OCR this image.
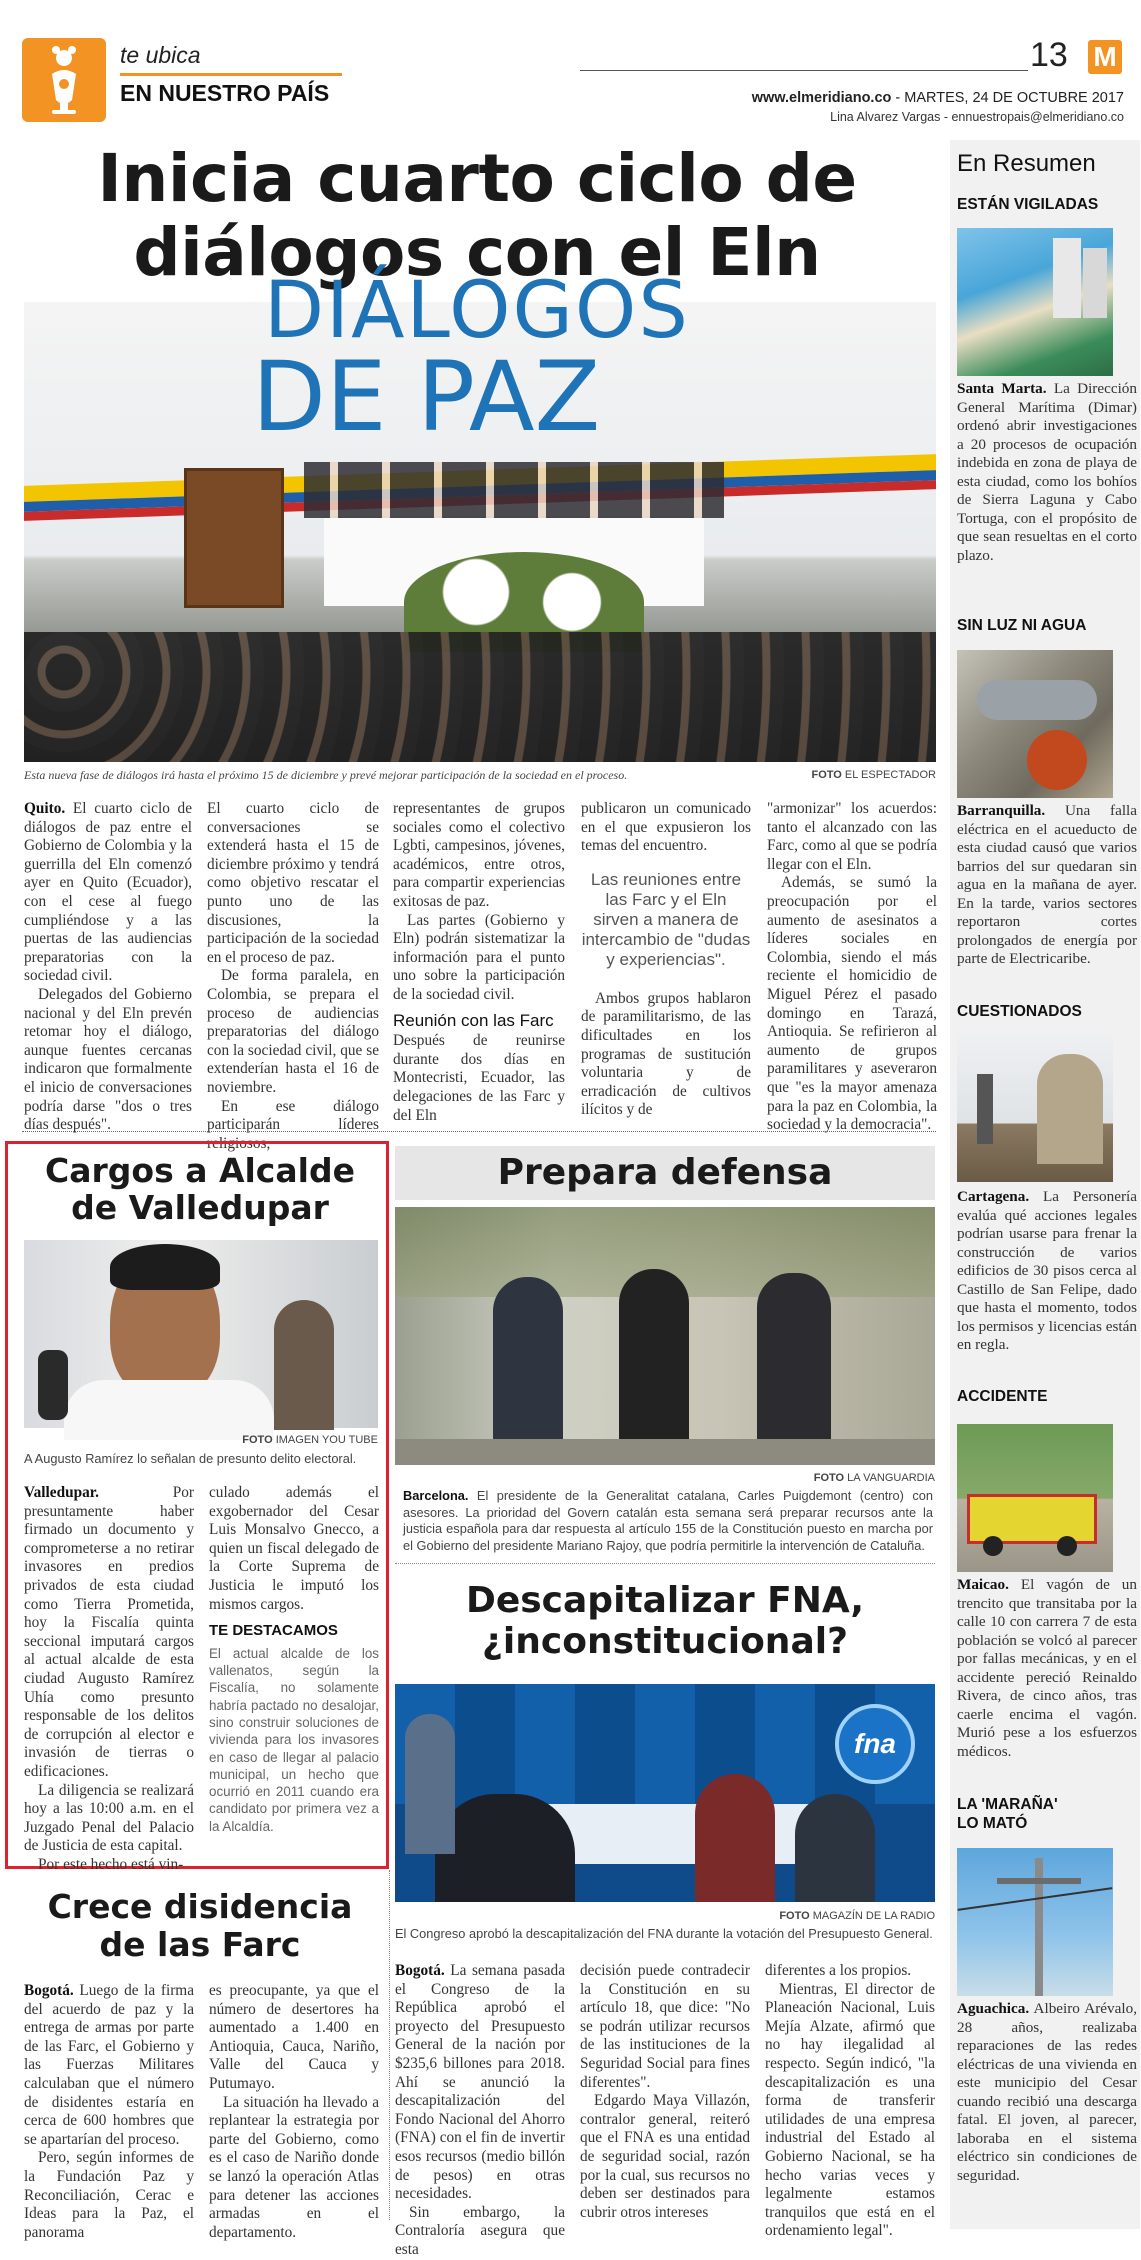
te ubica
EN NUESTRO PAÍS
13 M
www.elmeridiano.co - MARTES, 24 DE OCTUBRE 2017
Lina Alvarez Vargas - ennuestropais@elmeridiano.co
Inicia cuarto ciclo de
diálogos con el Eln
DIÁLOGOS
DE PAZ
Esta nueva fase de diálogos irá hasta el próximo 15 de diciembre y prevé mejorar participación de la sociedad en el proceso.	FOTO EL ESPECTADOR

Quito. El cuarto ciclo de diálogos de paz entre el Gobierno de Colombia y la guerrilla del Eln comenzó ayer en Quito (Ecuador), con el cese al fuego cumpliéndose y a las puertas de las audiencias preparatorias con la sociedad civil.

Delegados del Gobierno nacional y del Eln prevén retomar hoy el diálogo, aunque fuentes cercanas indicaron que formalmente el inicio de conversaciones podría darse "dos o tres días después".

El cuarto ciclo de conversaciones se extenderá hasta el 15 de diciembre próximo y tendrá como objetivo rescatar el punto uno de las discusiones, la participación de la sociedad en el proceso de paz.

De forma paralela, en Colombia, se prepara el proceso de audiencias preparatorias del diálogo con la sociedad civil, que se extenderían hasta el 16 de noviembre.

En ese diálogo participarán líderes religiosos,

representantes de grupos sociales como el colectivo Lgbti, campesinos, jóvenes, académicos, entre otros, para compartir experiencias exitosas de paz.

Las partes (Gobierno y Eln) podrán sistematizar la información para el punto uno sobre la participación de la sociedad civil.

Reunión con las Farc

Después de reunirse durante dos días en Montecristi, Ecuador, las delegaciones de las Farc y del Eln

publicaron un comunicado en el que expusieron los temas del encuentro.

Las reuniones entre las Farc y el Eln sirven a manera de intercambio de "dudas y experiencias".

Ambos grupos hablaron de paramilitarismo, de las dificultades en los programas de sustitución voluntaria y de erradicación de cultivos ilícitos y de

"armonizar" los acuerdos: tanto el alcanzado con las Farc, como al que se podría llegar con el Eln.

Además, se sumó la preocupación por el aumento de asesinatos a líderes sociales en Colombia, siendo el más reciente el homicidio de Miguel Pérez el pasado domingo en Tarazá, Antioquia. Se refirieron al aumento de grupos paramilitares y aseveraron que "es la mayor amenaza para la paz en Colombia, la sociedad y la democracia".

Cargos a Alcalde
de Valledupar
FOTO IMAGEN YOU TUBE
A Augusto Ramírez lo señalan de presunto delito electoral.

Valledupar. Por presuntamente haber firmado un documento y comprometerse a no retirar invasores en predios privados de esta ciudad como Tierra Prometida, hoy la Fiscalía quinta seccional imputará cargos al actual alcalde de esta ciudad Augusto Ramírez Uhía como presunto responsable de los delitos de corrupción al elector e invasión de tierras o edificaciones.

La diligencia se realizará hoy a las 10:00 a.m. en el Juzgado Penal del Palacio de Justicia de esta capital.

Por este hecho está vin-

culado además el exgobernador del Cesar Luis Monsalvo Gnecco, a quien un fiscal delegado de la Corte Suprema de Justicia le imputó los mismos cargos.

TE DESTACAMOS
El actual alcalde de los vallenatos, según la Fiscalía, no solamente habría pactado no desalojar, sino construir soluciones de vivienda para los invasores en caso de llegar al palacio municipal, un hecho que ocurrió en 2011 cuando era candidato por primera vez a la Alcaldía.
Prepara defensa
FOTO LA VANGUARDIA
Barcelona. El presidente de la Generalitat catalana, Carles Puigdemont (centro) con asesores. La prioridad del Govern catalán esta semana será preparar recursos ante la justicia española para dar respuesta al artículo 155 de la Constitución puesto en marcha por el Gobierno del presidente Mariano Rajoy, que podría permitirle la intervención de Cataluña.
Descapitalizar FNA,
¿inconstitucional?
fna
FOTO MAGAZÍN DE LA RADIO
El Congreso aprobó la descapitalización del FNA durante la votación del Presupuesto General.

Bogotá. La semana pasada el Congreso de la República aprobó el proyecto del Presupuesto General de la nación por $235,6 billones para 2018. Ahí se anunció la descapitalización del Fondo Nacional del Ahorro (FNA) con el fin de invertir esos recursos (medio billón de pesos) en otras necesidades.

Sin embargo, la Contraloría asegura que esta

decisión puede contradecir la Constitución en su artículo 18, que dice: "No se podrán utilizar recursos de las instituciones de la Seguridad Social para fines diferentes".

Edgardo Maya Villazón, contralor general, reiteró que el FNA es una entidad de seguridad social, razón por la cual, sus recursos no deben ser destinados para cubrir otros intereses

diferentes a los propios.

Mientras, El director de Planeación Nacional, Luis Mejía Alzate, afirmó que no hay ilegalidad al respecto. Según indicó, "la descapitalización es una forma de transferir utilidades de una empresa industrial del Estado al Gobierno Nacional, se ha hecho varias veces y legalmente estamos tranquilos que está en el ordenamiento legal".

Crece disidencia
de las Farc

Bogotá. Luego de la firma del acuerdo de paz y la entrega de armas por parte de las Farc, el Gobierno y las Fuerzas Militares calculaban que el número de disidentes estaría en cerca de 600 hombres que se apartarían del proceso.

Pero, según informes de la Fundación Paz y Reconciliación, Cerac e Ideas para la Paz, el panorama

es preocupante, ya que el número de desertores ha aumentado a 1.400 en Antioquia, Cauca, Nariño, Valle del Cauca y Putumayo.

La situación ha llevado a replantear la estrategia por parte del Gobierno, como es el caso de Nariño donde se lanzó la operación Atlas para detener las acciones armadas en el departamento.

En Resumen
ESTÁN VIGILADAS
Santa Marta. La Dirección General Marítima (Dimar) ordenó abrir investigaciones a 20 procesos de ocupación indebida en zona de playa de esta ciudad, como los bohíos de Sierra Laguna y Cabo Tortuga, con el propósito de que sean resueltas en el corto plazo.
SIN LUZ NI AGUA
Barranquilla. Una falla eléctrica en el acueducto de esta ciudad causó que varios barrios del sur quedaran sin agua en la mañana de ayer. En la tarde, varios sectores reportaron cortes prolongados de energía por parte de Electricaribe.
CUESTIONADOS
Cartagena. La Personería evalúa qué acciones legales podrían usarse para frenar la construcción de varios edificios de 30 pisos cerca al Castillo de San Felipe, dado que hasta el momento, todos los permisos y licencias están en regla.
ACCIDENTE
Maicao. El vagón de un trencito que transitaba por la calle 10 con carrera 7 de esta población se volcó al parecer por fallas mecánicas, y en el accidente pereció Reinaldo Rivera, de cinco años, tras caerle encima el vagón. Murió pese a los esfuerzos médicos.
LA 'MARAÑA'
LO MATÓ
Aguachica. Albeiro Arévalo, 28 años, realizaba reparaciones de las redes eléctricas de una vivienda en este municipio del Cesar cuando recibió una descarga fatal. El joven, al parecer, laboraba en el sistema eléctrico sin condiciones de seguridad.
